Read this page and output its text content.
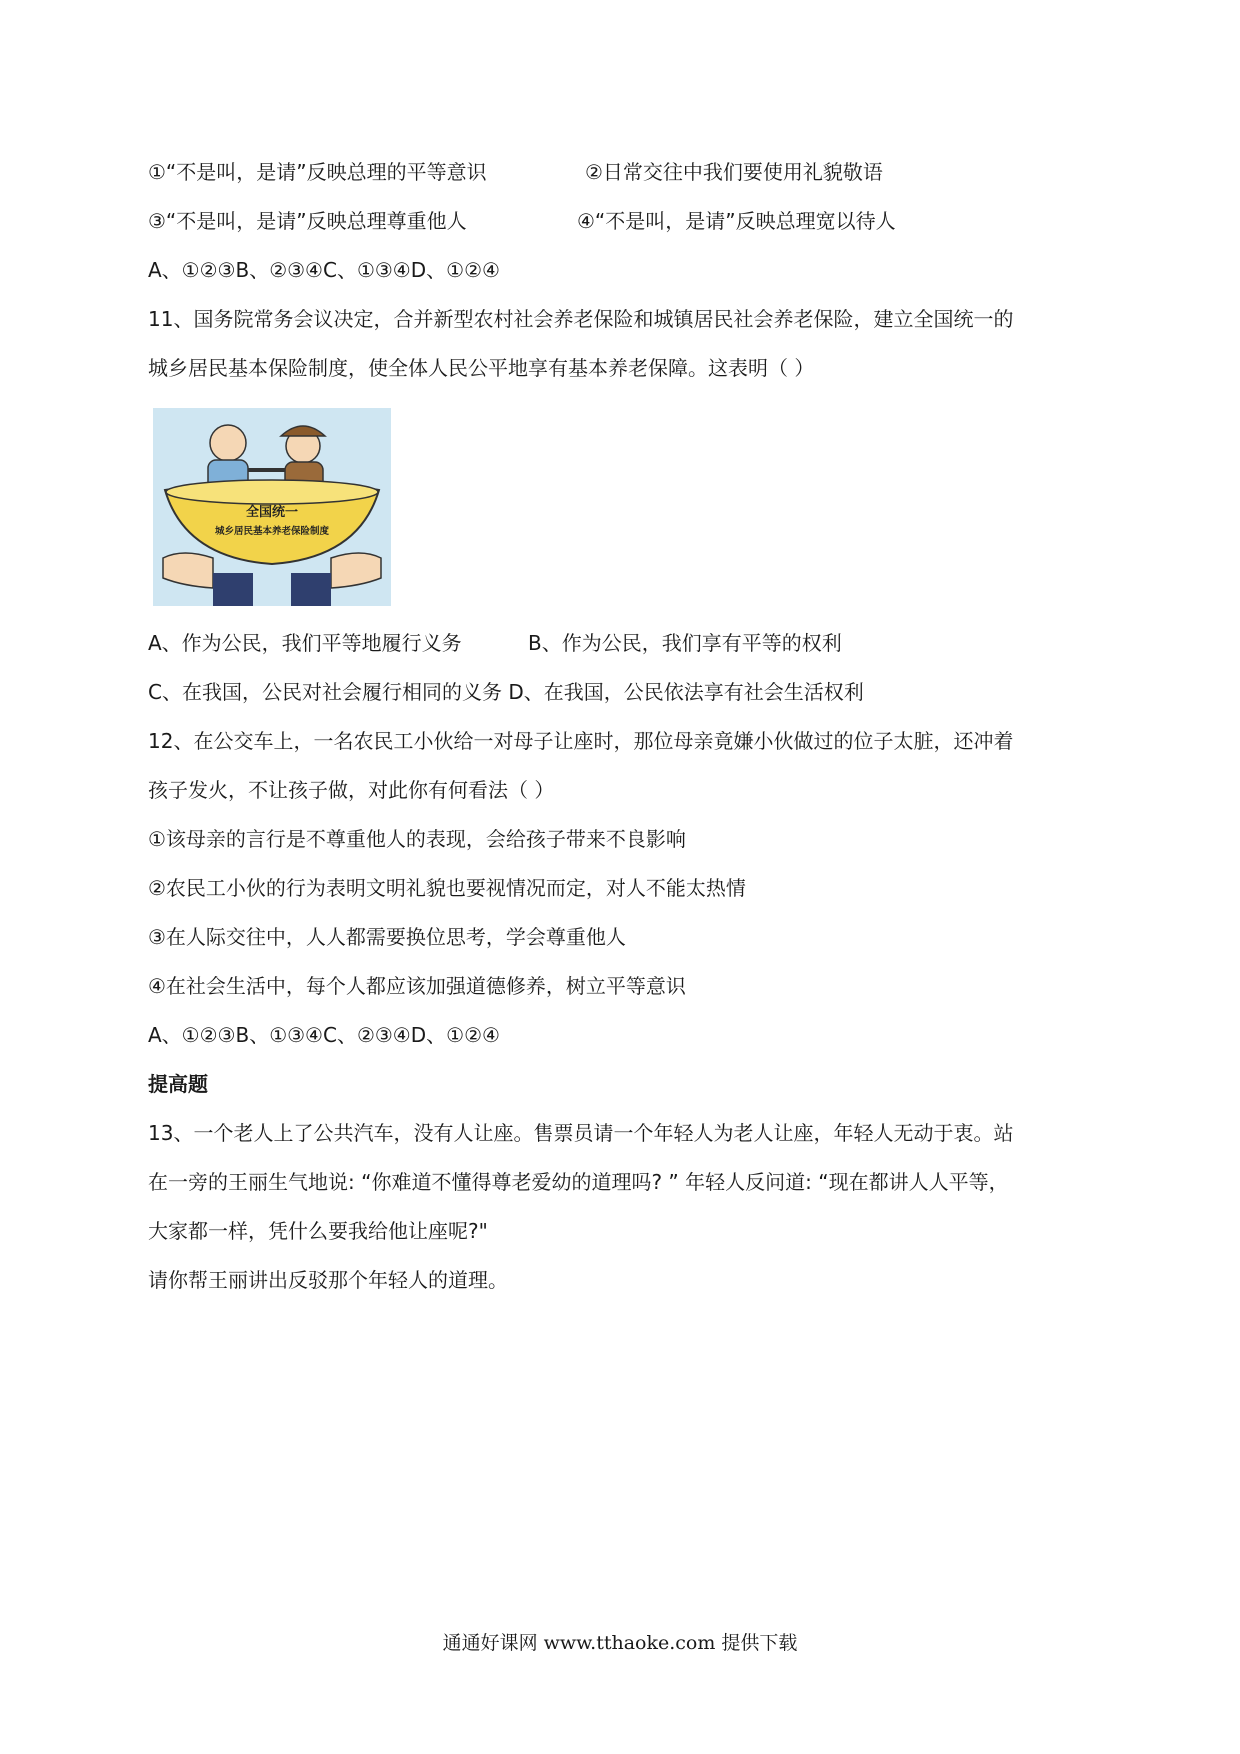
①“不是叫，是请”反映总理的平等意识	②日常交往中我们要使用礼貌敬语
③“不是叫，是请”反映总理尊重他人	④“不是叫，是请”反映总理宽以待人
A、①②③B、②③④C、①③④D、①②④
11、国务院常务会议决定，合并新型农村社会养老保险和城镇居民社会养老保险，建立全国统一的
城乡居民基本保险制度，使全体人民公平地享有基本养老保障。这表明（ ）
全国统一
城乡居民基本养老保险制度
A、作为公民，我们平等地履行义务	B、作为公民，我们享有平等的权利
C、在我国，公民对社会履行相同的义务 D、在我国，公民依法享有社会生活权利
12、在公交车上，一名农民工小伙给一对母子让座时，那位母亲竟嫌小伙做过的位子太脏，还冲着
孩子发火，不让孩子做，对此你有何看法（ ）
①该母亲的言行是不尊重他人的表现，会给孩子带来不良影响
②农民工小伙的行为表明文明礼貌也要视情况而定，对人不能太热情
③在人际交往中，人人都需要换位思考，学会尊重他人
④在社会生活中，每个人都应该加强道德修养，树立平等意识
A、①②③B、①③④C、②③④D、①②④
提高题
13、一个老人上了公共汽车，没有人让座。售票员请一个年轻人为老人让座，年轻人无动于衷。站
在一旁的王丽生气地说: “你难道不懂得尊老爱幼的道理吗? ” 年轻人反问道: “现在都讲人人平等，
大家都一样，凭什么要我给他让座呢?"
请你帮王丽讲出反驳那个年轻人的道理。
通通好课网 www.tthaoke.com 提供下载
